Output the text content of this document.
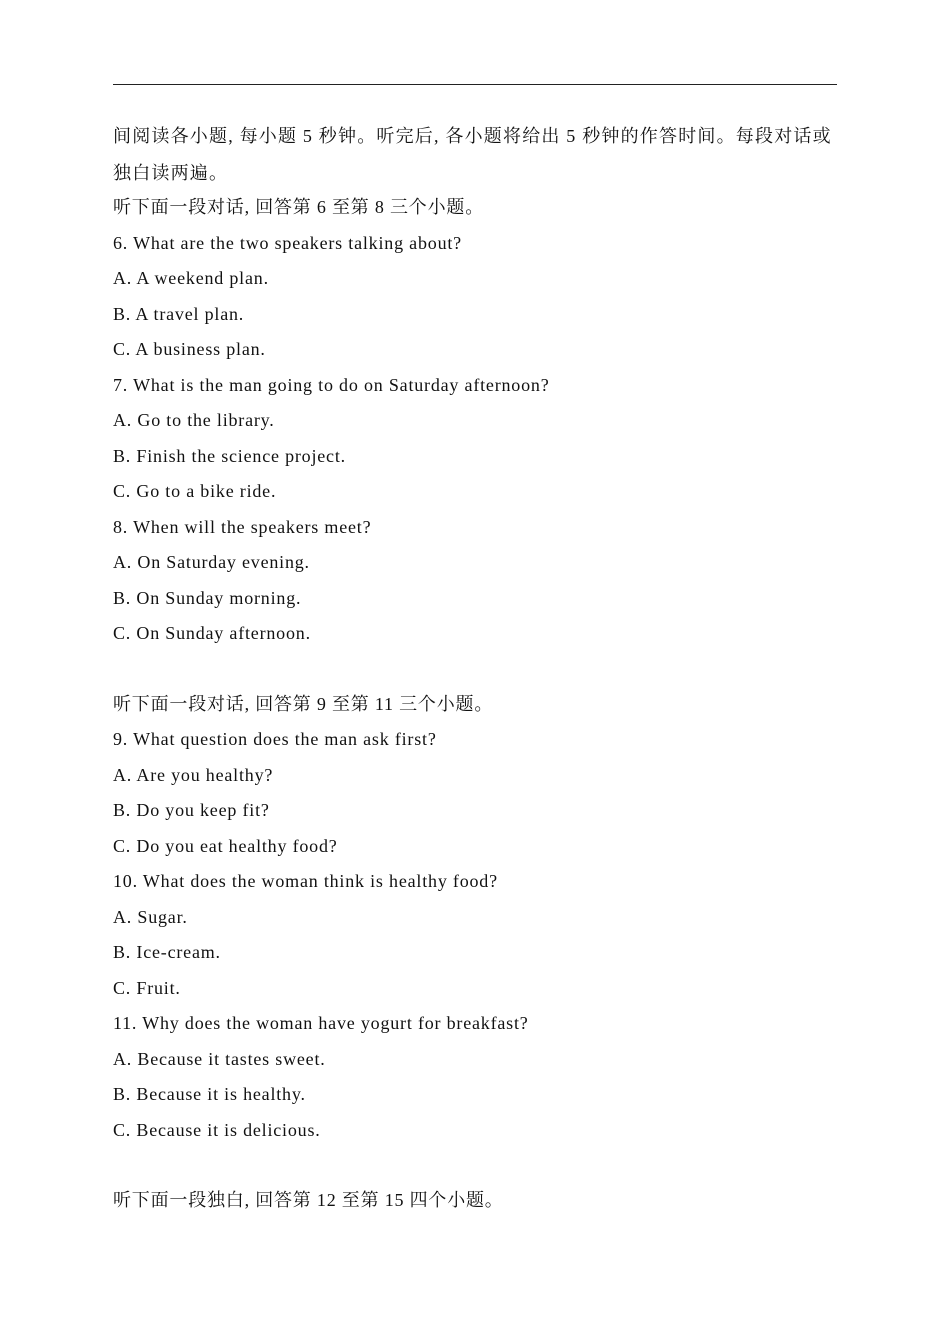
间阅读各小题, 每小题 5 秒钟。听完后, 各小题将给出 5 秒钟的作答时间。每段对话或独白读两遍。
听下面一段对话, 回答第 6 至第 8 三个小题。
6. What are the two speakers talking about?
A. A weekend plan.
B. A travel plan.
C. A business plan.
7. What is the man going to do on Saturday afternoon?
A. Go to the library.
B. Finish the science project.
C. Go to a bike ride.
8. When will the speakers meet?
A. On Saturday evening.
B. On Sunday morning.
C. On Sunday afternoon.
听下面一段对话, 回答第 9 至第 11 三个小题。
9. What question does the man ask first?
A. Are you healthy?
B. Do you keep fit?
C. Do you eat healthy food?
10. What does the woman think is healthy food?
A. Sugar.
B. Ice-cream.
C. Fruit.
11. Why does the woman have yogurt for breakfast?
A. Because it tastes sweet.
B. Because it is healthy.
C. Because it is delicious.
听下面一段独白, 回答第 12 至第 15 四个小题。
